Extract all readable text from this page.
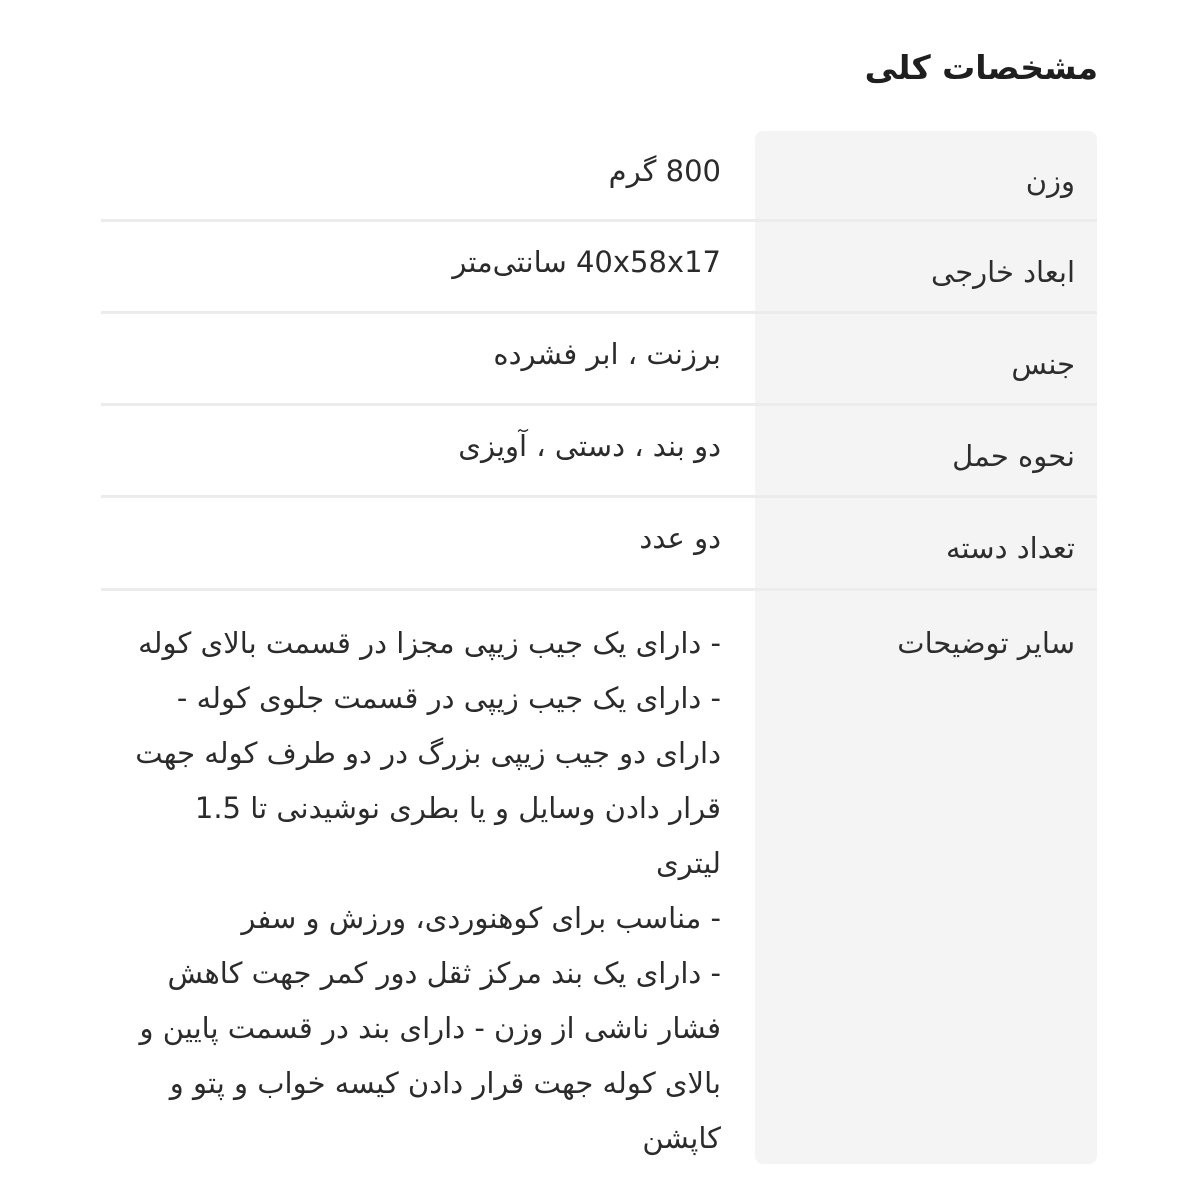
مشخصات کلی
وزن
800 گرم
ابعاد خارجی
40x58x17 سانتی‌متر
جنس
برزنت ، ابر فشرده
نحوه حمل
دو بند ، دستی ، آویزی
تعداد دسته
دو عدد
سایر توضیحات
- دارای یک جیب زیپی مجزا در قسمت بالای کوله - دارای یک جیب زیپی در قسمت جلوی کوله - دارای دو جیب زیپی بزرگ در دو طرف کوله جهت قرار دادن وسایل و یا بطری نوشیدنی تا 1.5 لیتری
- مناسب برای کوهنوردی، ورزش و سفر
- دارای یک بند مرکز ثقل دور کمر جهت کاهش فشار ناشی از وزن - دارای بند در قسمت پایین و بالای کوله جهت قرار دادن کیسه خواب و پتو و کاپشن
